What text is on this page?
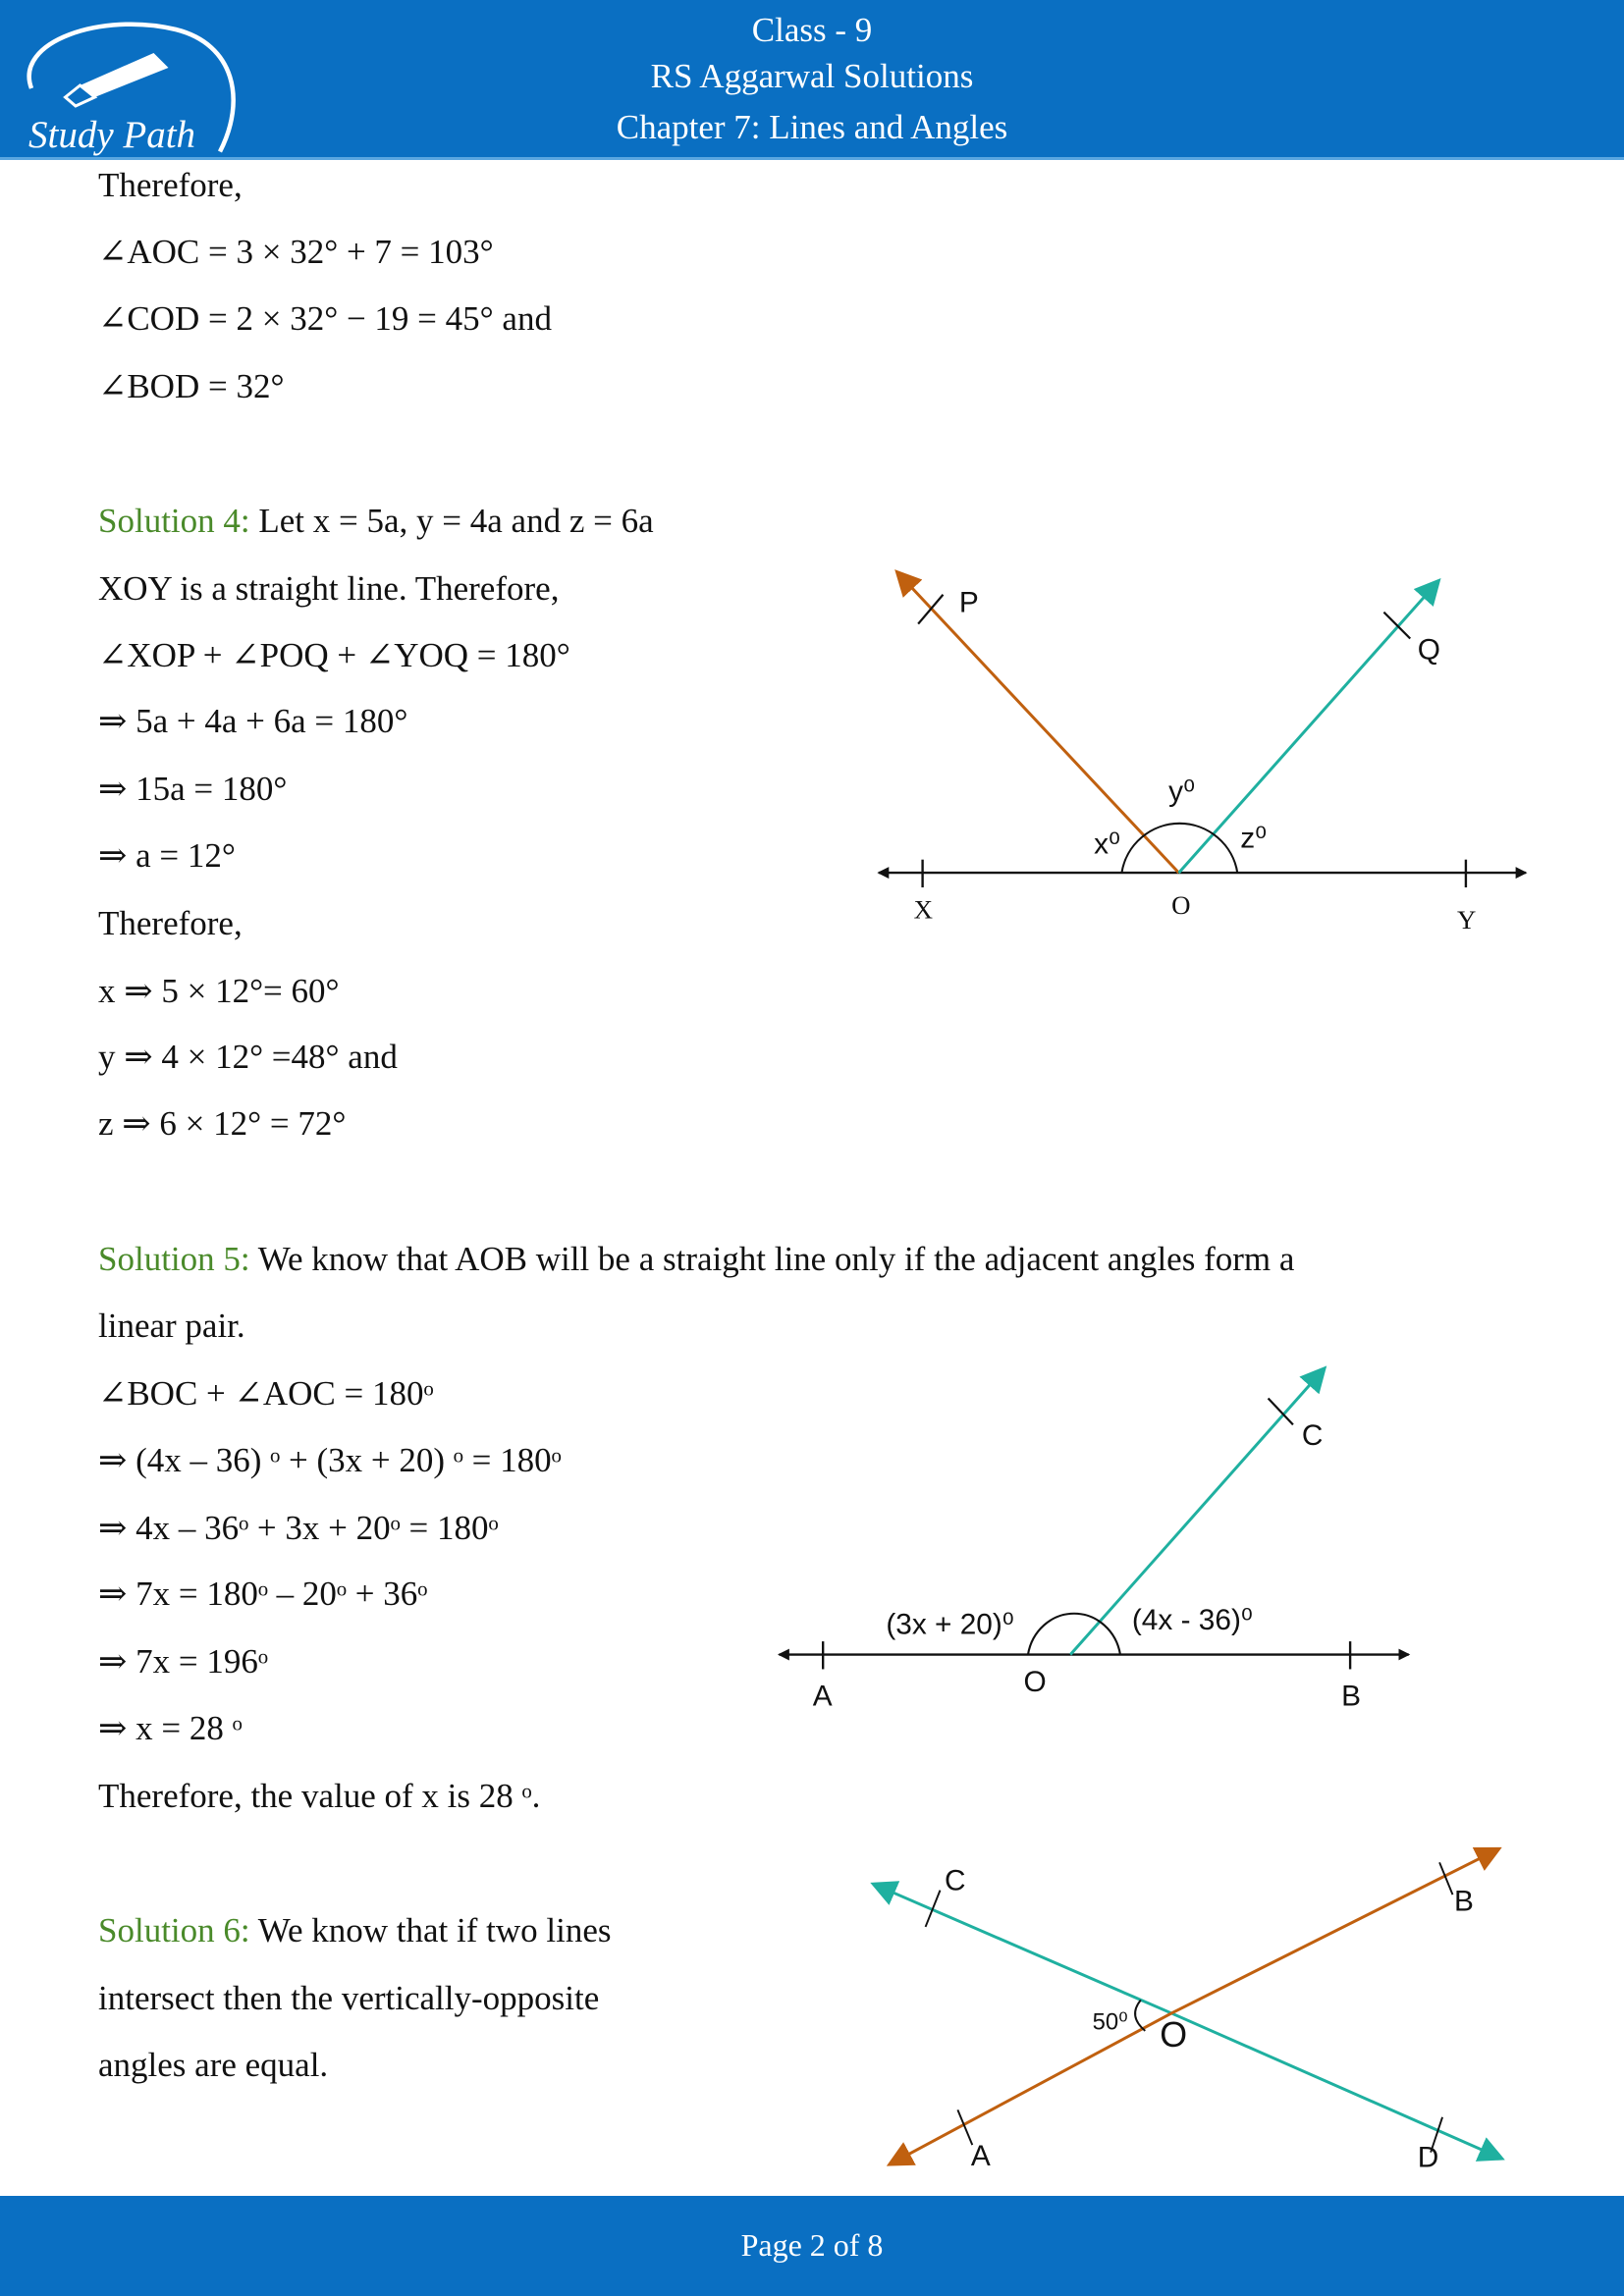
Study Path
Class - 9
RS Aggarwal Solutions
Chapter 7: Lines and Angles
Therefore,
∠AOC = 3 × 32° + 7 = 103°
∠COD = 2 × 32° − 19 = 45° and
∠BOD = 32°
Solution 4: Let x = 5a, y = 4a and z = 6a
XOY is a straight line. Therefore,
∠XOP + ∠POQ + ∠YOQ = 180°
⇒ 5a + 4a + 6a = 180°
⇒ 15a = 180°
⇒ a = 12°
Therefore,
x ⇒ 5 × 12°= 60°
y ⇒ 4 × 12° =48° and
z ⇒ 6 × 12° = 72°
Solution 5: We know that AOB will be a straight line only if the adjacent angles form a
linear pair.
∠BOC + ∠AOC = 180ᵒ
⇒ (4x – 36) ᵒ + (3x + 20) ᵒ = 180ᵒ
⇒ 4x – 36ᵒ + 3x + 20ᵒ = 180ᵒ
⇒ 7x = 180ᵒ – 20ᵒ + 36ᵒ
⇒ 7x = 196ᵒ
⇒ x = 28 ᵒ
Therefore, the value of x is 28 ᵒ.
Solution 6: We know that if two lines
intersect then the vertically-opposite
angles are equal.
P
Q
y⁰
x⁰	z⁰
X	O	Y
(3x + 20)⁰	(4x - 36)⁰
C
A	O	B
C
B
A	D
O
50⁰
Page 2 of 8
